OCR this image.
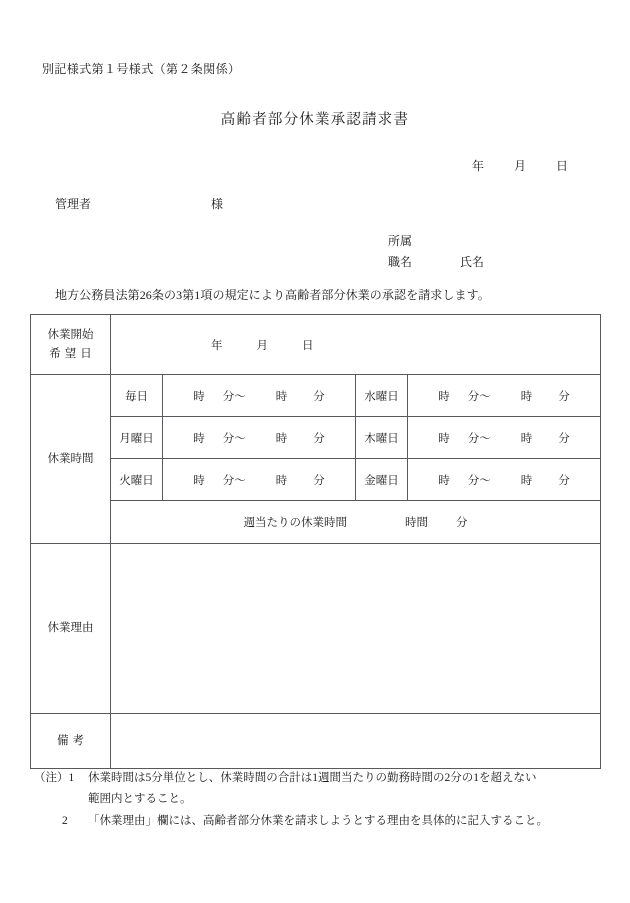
別記様式第１号様式（第２条関係）
高齢者部分休業承認請求書
年	月	日
管理者	様
所属
職名	氏名
地方公務員法第26条の3第1項の規定により高齢者部分休業の承認を請求します。
休業開始
希望日	年 月 日			

休業時間	毎日	時 分～ 時 分	水曜日	時 分～ 時 分
	月曜日	時 分～ 時 分	木曜日	時 分～ 時 分
	火曜日	時 分～ 時 分	金曜日	時 分～ 時 分

	週当たりの休業時間 時間 分			

休業理由				

備考				
（注）1	休業時間は5分単位とし、休業時間の合計は1週間当たりの勤務時間の2分の1を超えない
範囲内とすること。
2	「休業理由」欄には、高齢者部分休業を請求しようとする理由を具体的に記入すること。
